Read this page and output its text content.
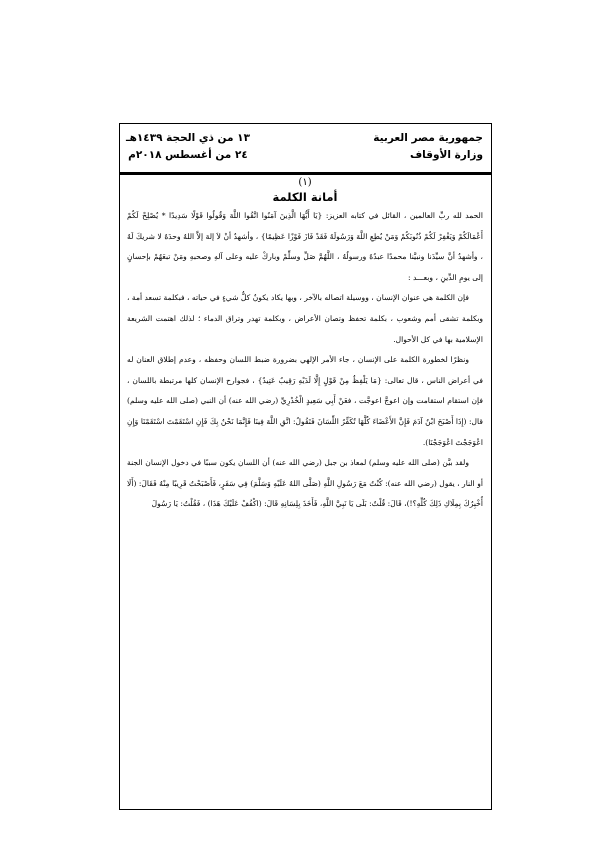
جمهورية مصر العربية
وزارة الأوقاف
١٣ من ذي الحجة ١٤٣٩هـ
٢٤ من أغسطس ٢٠١٨م
(١)
أمانة الكلمة

الحمد لله ربِّ العالمين ، القائل في كتابه العزيز: {يَا أَيُّهَا الَّذِينَ آمَنُوا اتَّقُوا اللَّهَ وَقُولُوا قَوْلًا سَدِيدًا * يُصْلِحْ لَكُمْ أَعْمَالَكُمْ وَيَغْفِرْ لَكُمْ ذُنُوبَكُمْ وَمَنْ يُطِعِ اللَّهَ وَرَسُولَهُ فَقَدْ فَازَ فَوْزًا عَظِيمًا} ، وأشهدُ أنْ لاَ إلهَ إلاَّ اللهُ وحدَهُ لا شريكَ لَهُ ، وأشهدُ أنَّ سيِّدَنا ونبيَّنا محمدًا عبدُهُ ورسولُهُ ، اللَّهُمَّ صَلِّ وسلِّمْ وباركْ عليه وعلى آلهِ وصحبهِ ومَنْ تبعَهُمْ بإحسانٍ إلى يومِ الدِّينِ ، وبعـــد :

فإن الكلمة هي عنوان الإنسان ، ووسيلة اتصاله بالآخر ، وبها يكاد يكونُ كلُّ شيءٍ في حياته ، فبكلمة تسعد أمة ، وبكلمة تشقى أمم وشعوب ، بكلمة تحفظ وتصان الأعراض ، وبكلمة تهدر وتراق الدماء ؛ لذلك اهتمت الشريعة الإسلامية بها في كل الأحوال.

ونظرًا لخطورة الكلمة على الإنسان ، جاء الأمر الإلهي بضرورة ضبط اللسان وحفظه ، وعدم إطلاق العنان له في أعراض الناس ، قال تعالى: {مَا يَلْفِظُ مِنْ قَوْلٍ إِلَّا لَدَيْهِ رَقِيبٌ عَتِيدٌ} ، فجوارح الإنسان كلها مرتبطة باللسان ، فإن استقام استقامت وإن اعوجَّ اعوجَّت ، فعَنْ أَبِي سَعِيدٍ الْخُدْرِيِّ (رضي الله عنه) أن النبي (صلى الله عليه وسلم) قال: (إِذَا أَصْبَحَ ابْنُ آدَمَ فَإِنَّ الأَعْضَاءَ كُلَّهَا تُكَفِّرُ اللِّسَانَ فَتَقُولُ: اتَّقِ اللَّهَ فِينَا فَإِنَّمَا نَحْنُ بِكَ فَإِنِ اسْتَقَمْتَ اسْتَقَمْنَا وَإِنِ اعْوَجَجْتَ اعْوَجَجْنَا).

ولقد بيَّن (صلى الله عليه وسلم) لمعاذ بن جبل (رضي الله عنه) أن اللسان يكون سببًا في دخول الإنسان الجنة أو النار ، يقول (رضي الله عنه): كُنْتُ مَعَ رَسُولِ اللَّهِ (صَلَّى اللهُ عَلَيْهِ وَسَلَّمَ) فِي سَفَرٍ، فَأَصْبَحْتُ قَرِيبًا مِنْهُ فَقَالَ: (أَلَا أُخْبِرُكَ بِمِلَاكِ ذَلِكَ كُلِّهِ؟!)، قَالَ: قُلْتُ: بَلَى يَا نَبِيَّ اللَّهِ، فَأَخَذَ بِلِسَانِهِ قَالَ: (اكْفُفْ عَلَيْكَ هَذَا) ، فَقُلْتُ: يَا رَسُولَ
